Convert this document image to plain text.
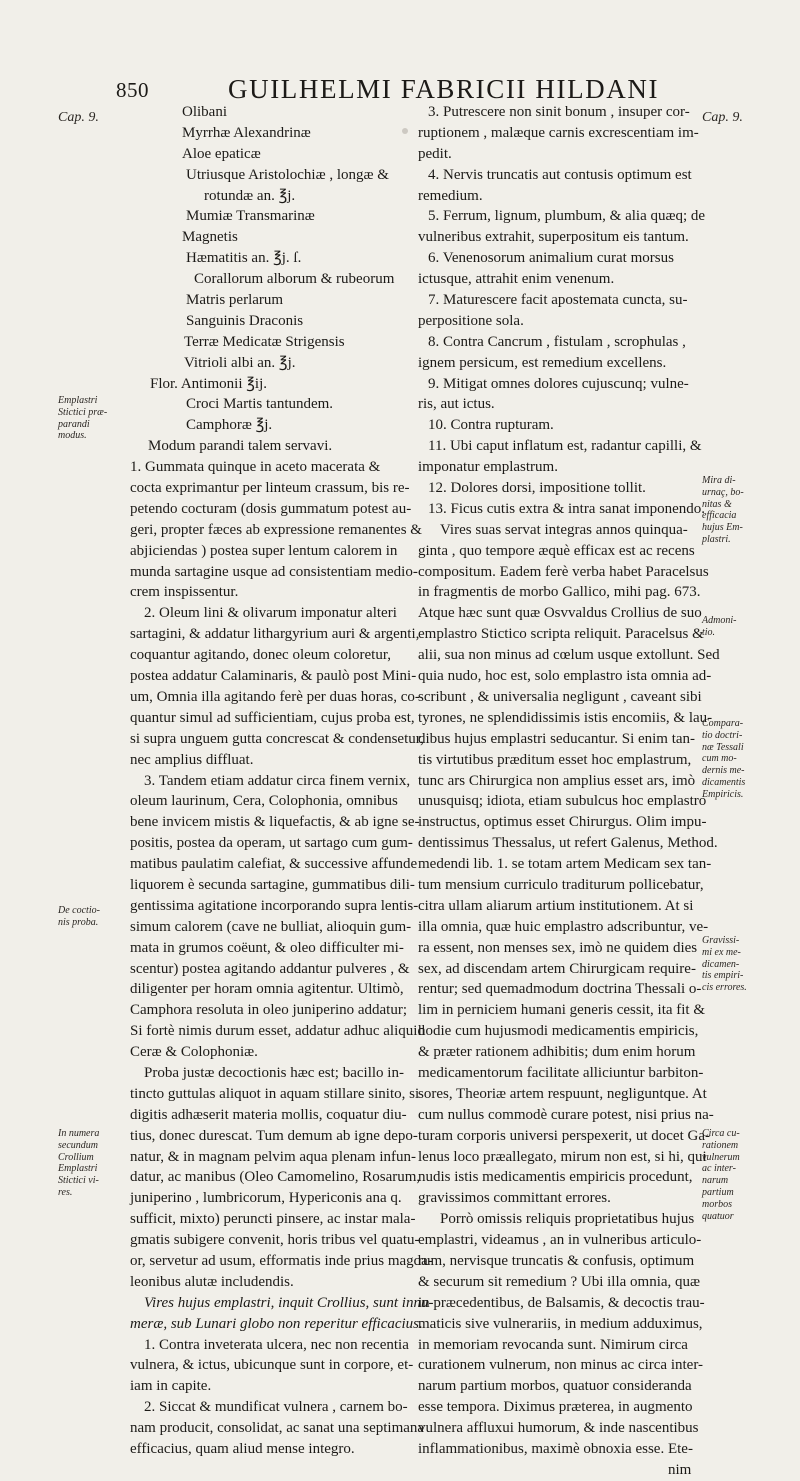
850	GUILHELMI FABRICII HILDANI
Cap. 9.
Emplastri
Stictici præ-
parandi
modus.
De coctio-
nis proba.
In numera
secundum
Crollium
Emplastri
Stictici vi-
res.
Cap. 9.
Mira di-
urnaç, bo-
nitas &
efficacia
hujus Em-
plastri.
Admoni-
tio.
Compara-
tio doctri-
næ Tessali
cum mo-
dernis me-
dicamentis
Empiricis.
Gravissi-
mi ex me-
dicamen-
tis empiri-
cis errores.
Circa cu-
rationem
vulnerum
ac inter-
narum
partium
morbos
quatuor
Olibani
Myrrhæ Alexandrinæ
Aloe epaticæ
Utriusque Aristolochiæ , longæ &
rotundæ an. ℥j.
Mumiæ Transmarinæ
Magnetis
Hæmatitis an. ℥j. ſ.
Corallorum alborum & rubeorum
Matris perlarum
Sanguinis Draconis
Terræ Medicatæ Strigensis
Vitrioli albi an. ℥j.
Flor. Antimonii ℥ij.
Croci Martis tantundem.
Camphoræ ℥j.
Modum parandi talem servavi.
1. Gummata quinque in aceto macerata &
cocta exprimantur per linteum crassum, bis re-
petendo cocturam (dosis gummatum potest au-
geri, propter fæces ab expressione remanentes &
abjiciendas ) postea super lentum calorem in
munda sartagine usque ad consistentiam medio-
crem inspissentur.
2. Oleum lini & olivarum imponatur alteri
sartagini, & addatur lithargyrium auri & argenti,
coquantur agitando, donec oleum coloretur,
postea addatur Calaminaris, & paulò post Mini-
um, Omnia illa agitando ferè per duas horas, co-
quantur simul ad sufficientiam, cujus proba est,
si supra unguem gutta concrescat & condensetur,
nec amplius diffluat.
3. Tandem etiam addatur circa finem vernix,
oleum laurinum, Cera, Colophonia, omnibus
bene invicem mistis & liquefactis, & ab igne se-
positis, postea da operam, ut sartago cum gum-
matibus paulatim calefiat, & successive affunde
liquorem è secunda sartagine, gummatibus dili-
gentissima agitatione incorporando supra lentis-
simum calorem (cave ne bulliat, alioquin gum-
mata in grumos coëunt, & oleo difficulter mi-
scentur) postea agitando addantur pulveres , &
diligenter per horam omnia agitentur. Ultimò,
Camphora resoluta in oleo juniperino addatur;
Si fortè nimis durum esset, addatur adhuc aliquid
Ceræ & Colophoniæ.
Proba justæ decoctionis hæc est; bacillo in-
tincto guttulas aliquot in aquam stillare sinito, si
digitis adhæserit materia mollis, coquatur diu-
tius, donec durescat. Tum demum ab igne depo-
natur, & in magnam pelvim aqua plenam infun-
datur, ac manibus (Oleo Camomelino, Rosarum,
juniperino , lumbricorum, Hypericonis ana q.
sufficit, mixto) peruncti pinsere, ac instar mala-
gmatis subigere convenit, horis tribus vel quatu-
or, servetur ad usum, efformatis inde prius magda-
leonibus alutæ includendis.
Vires hujus emplastri, inquit Crollius, sunt innu-
meræ, sub Lunari globo non reperitur efficacius.
1. Contra inveterata ulcera, nec non recentia
vulnera, & ictus, ubicunque sunt in corpore, et-
iam in capite.
2. Siccat & mundificat vulnera , carnem bo-
nam producit, consolidat, ac sanat una septimana
efficacius, quam aliud mense integro.
3. Putrescere non sinit bonum , insuper cor-
ruptionem , malæque carnis excrescentiam im-
pedit.
4. Nervis truncatis aut contusis optimum est
remedium.
5. Ferrum, lignum, plumbum, & alia quæq; de
vulneribus extrahit, superpositum eis tantum.
6. Venenosorum animalium curat morsus
ictusque, attrahit enim venenum.
7. Maturescere facit apostemata cuncta, su-
perpositione sola.
8. Contra Cancrum , fistulam , scrophulas ,
ignem persicum, est remedium excellens.
9. Mitigat omnes dolores cujuscunq; vulne-
ris, aut ictus.
10. Contra rupturam.
11. Ubi caput inflatum est, radantur capilli, &
imponatur emplastrum.
12. Dolores dorsi, impositione tollit.
13. Ficus cutis extra & intra sanat imponendo.
Vires suas servat integras annos quinqua-
ginta , quo tempore æquè efficax est ac recens
compositum. Eadem ferè verba habet Paracelsus
in fragmentis de morbo Gallico, mihi pag. 673.
Atque hæc sunt quæ Osvvaldus Crollius de suo
emplastro Stictico scripta reliquit. Paracelsus &
alii, sua non minus ad cœlum usque extollunt. Sed
quia nudo, hoc est, solo emplastro ista omnia ad-
scribunt , & universalia negligunt , caveant sibi
tyrones, ne splendidissimis istis encomiis, & lau-
dibus hujus emplastri seducantur. Si enim tan-
tis virtutibus præditum esset hoc emplastrum,
tunc ars Chirurgica non amplius esset ars, imò
unusquisq; idiota, etiam subulcus hoc emplastro
instructus, optimus esset Chirurgus. Olim impu-
dentissimus Thessalus, ut refert Galenus, Method.
medendi lib. 1. se totam artem Medicam sex tan-
tum mensium curriculo traditurum pollicebatur,
citra ullam aliarum artium institutionem. At si
illa omnia, quæ huic emplastro adscribuntur, ve-
ra essent, non menses sex, imò ne quidem dies
sex, ad discendam artem Chirurgicam require-
rentur; sed quemadmodum doctrina Thessali o-
lim in perniciem humani generis cessit, ita fit &
hodie cum hujusmodi medicamentis empiricis,
& præter rationem adhibitis; dum enim horum
medicamentorum facilitate alliciuntur barbiton-
sores, Theoriæ artem respuunt, negliguntque. At
cum nullus commodè curare potest, nisi prius na-
turam corporis universi perspexerit, ut docet Ga-
lenus loco præallegato, mirum non est, si hi, qui
nudis istis medicamentis empiricis procedunt,
gravissimos committant errores.
Porrò omissis reliquis proprietatibus hujus
emplastri, videamus , an in vulneribus articulo-
rum, nervisque truncatis & confusis, optimum
& securum sit remedium ? Ubi illa omnia, quæ
in præcedentibus, de Balsamis, & decoctis trau-
maticis sive vulnerariis, in medium adduximus,
in memoriam revocanda sunt. Nimirum circa
curationem vulnerum, non minus ac circa inter-
narum partium morbos, quatuor consideranda
esse tempora. Diximus præterea, in augmento
vulnera affluxui humorum, & inde nascentibus
inflammationibus, maximè obnoxia esse. Ete-
nim
